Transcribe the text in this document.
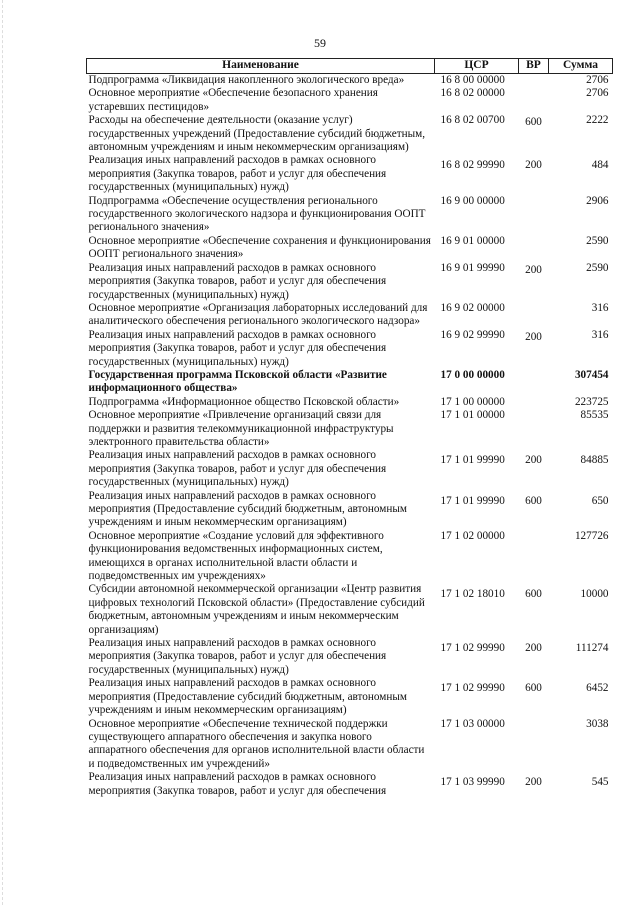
59
Наименование	ЦСР	ВР	Сумма
Подпрограмма «Ликвидация накопленного экологического вреда»	16 8 00 00000		2706
Основное мероприятие «Обеспечение безопасного хранения устаревших пестицидов»	16 8 02 00000		2706
Расходы на обеспечение деятельности (оказание услуг) государственных учреждений (Предоставление субсидий бюджетным, автономным учреждениям и иным некоммерческим организациям)	16 8 02 00700	600	2222
Реализация иных направлений расходов в рамках основного мероприятия (Закупка товаров, работ и услуг для обеспечения государственных (муниципальных) нужд)	16 8 02 99990	200	484
Подпрограмма «Обеспечение осуществления регионального государственного экологического надзора и функционирования ООПТ регионального значения»	16 9 00 00000		2906
Основное мероприятие «Обеспечение сохранения и функционирования ООПТ регионального значения»	16 9 01 00000		2590
Реализация иных направлений расходов в рамках основного мероприятия (Закупка товаров, работ и услуг для обеспечения государственных (муниципальных) нужд)	16 9 01 99990	200	2590
Основное мероприятие «Организация лабораторных исследований для аналитического обеспечения регионального экологического надзора»	16 9 02 00000		316
Реализация иных направлений расходов в рамках основного мероприятия (Закупка товаров, работ и услуг для обеспечения государственных (муниципальных) нужд)	16 9 02 99990	200	316
Государственная программа Псковской области «Развитие информационного общества»	17 0 00 00000		307454
Подпрограмма «Информационное общество Псковской области»	17 1 00 00000		223725
Основное мероприятие «Привлечение организаций связи для поддержки и развития телекоммуникационной инфраструктуры электронного правительства области»	17 1 01 00000		85535
Реализация иных направлений расходов в рамках основного мероприятия (Закупка товаров, работ и услуг для обеспечения государственных (муниципальных) нужд)	17 1 01 99990	200	84885
Реализация иных направлений расходов в рамках основного мероприятия (Предоставление субсидий бюджетным, автономным учреждениям и иным некоммерческим организациям)	17 1 01 99990	600	650
Основное мероприятие «Создание условий для эффективного функционирования ведомственных информационных систем, имеющихся в органах исполнительной власти области и подведомственных им учреждениях»	17 1 02 00000		127726
Субсидии автономной некоммерческой организации «Центр развития цифровых технологий Псковской области» (Предоставление субсидий бюджетным, автономным учреждениям и иным некоммерческим организациям)	17 1 02 18010	600	10000
Реализация иных направлений расходов в рамках основного мероприятия (Закупка товаров, работ и услуг для обеспечения государственных (муниципальных) нужд)	17 1 02 99990	200	111274
Реализация иных направлений расходов в рамках основного мероприятия (Предоставление субсидий бюджетным, автономным учреждениям и иным некоммерческим организациям)	17 1 02 99990	600	6452
Основное мероприятие «Обеспечение технической поддержки существующего аппаратного обеспечения и закупка нового аппаратного обеспечения для органов исполнительной власти области и подведомственных им учреждений»	17 1 03 00000		3038
Реализация иных направлений расходов в рамках основного мероприятия (Закупка товаров, работ и услуг для обеспечения	17 1 03 99990	200	545
